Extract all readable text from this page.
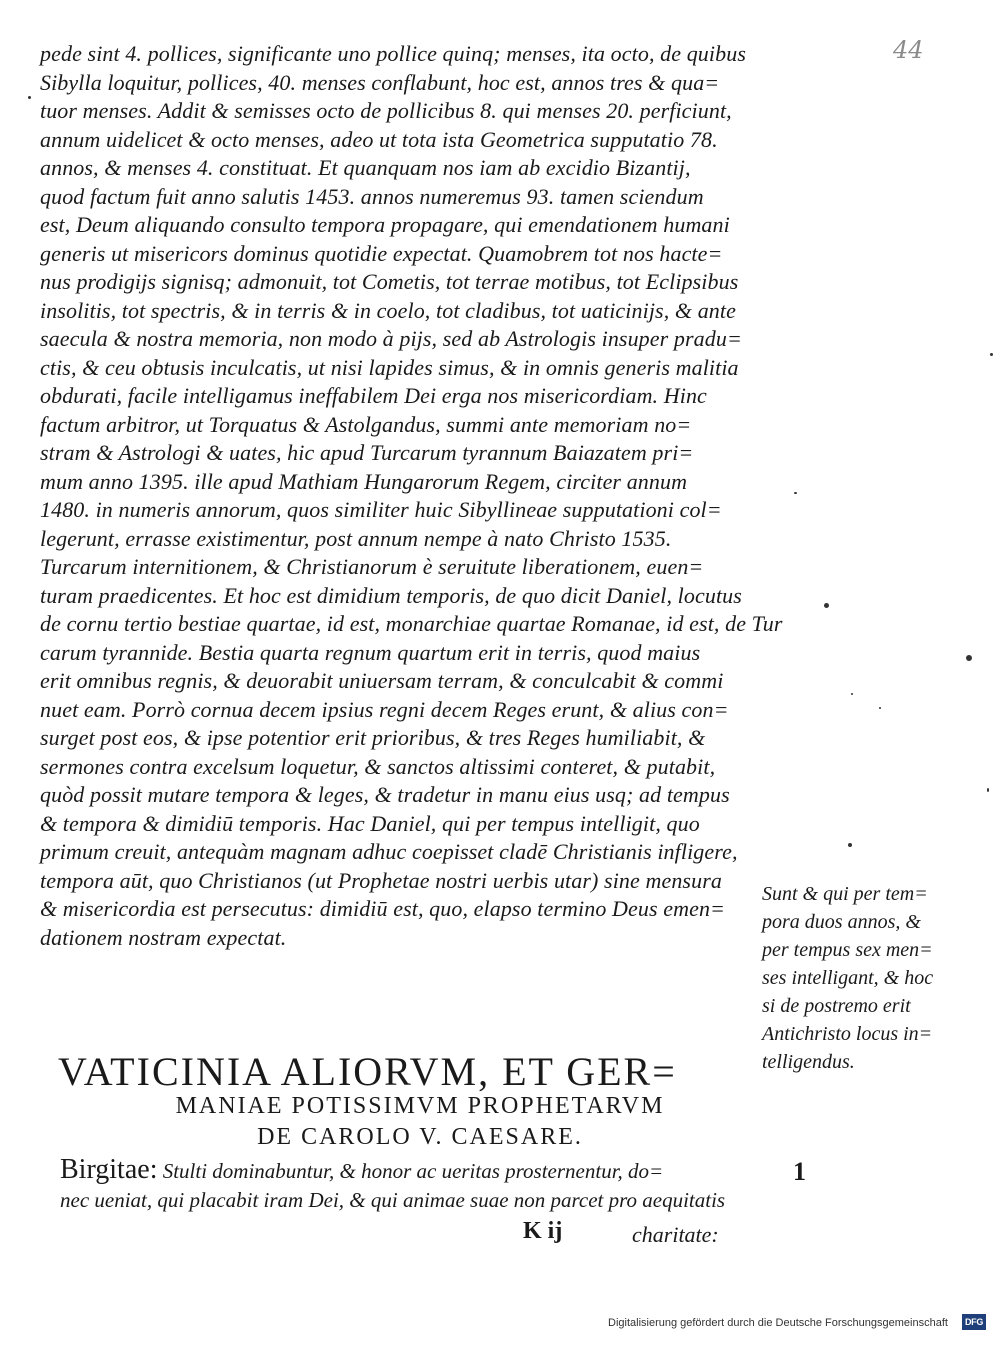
44
pede sint 4. pollices, significante uno pollice quinq; menses, ita octo, de quibus
Sibylla loquitur, pollices, 40. menses conflabunt, hoc est, annos tres & qua=
tuor menses. Addit & semisses octo de pollicibus 8. qui menses 20. perficiunt,
annum uidelicet & octo menses, adeo ut tota ista Geometrica supputatio 78.
annos, & menses 4. constituat. Et quanquam nos iam ab excidio Bizantij,
quod factum fuit anno salutis 1453. annos numeremus 93. tamen sciendum
est, Deum aliquando consulto tempora propagare, qui emendationem humani
generis ut misericors dominus quotidie expectat. Quamobrem tot nos hacte=
nus prodigijs signisq; admonuit, tot Cometis, tot terrae motibus, tot Eclipsibus
insolitis, tot spectris, & in terris & in coelo, tot cladibus, tot uaticinijs, & ante
saecula & nostra memoria, non modo à pijs, sed ab Astrologis insuper pradu=
ctis, & ceu obtusis inculcatis, ut nisi lapides simus, & in omnis generis malitia
obdurati, facile intelligamus ineffabilem Dei erga nos misericordiam. Hinc
factum arbitror, ut Torquatus & Astolgandus, summi ante memoriam no=
stram & Astrologi & uates, hic apud Turcarum tyrannum Baiazatem pri=
mum anno 1395. ille apud Mathiam Hungarorum Regem, circiter annum
1480. in numeris annorum, quos similiter huic Sibyllineae supputationi col=
legerunt, errasse existimentur, post annum nempe à nato Christo 1535.
Turcarum internitionem, & Christianorum è seruitute liberationem, euen=
turam praedicentes. Et hoc est dimidium temporis, de quo dicit Daniel, locutus
de cornu tertio bestiae quartae, id est, monarchiae quartae Romanae, id est, de Tur
carum tyrannide. Bestia quarta regnum quartum erit in terris, quod maius
erit omnibus regnis, & deuorabit uniuersam terram, & conculcabit & commi
nuet eam. Porrò cornua decem ipsius regni decem Reges erunt, & alius con=
surget post eos, & ipse potentior erit prioribus, & tres Reges humiliabit, &
sermones contra excelsum loquetur, & sanctos altissimi conteret, & putabit,
quòd possit mutare tempora & leges, & tradetur in manu eius usq; ad tempus
& tempora & dimidiū temporis. Hac Daniel, qui per tempus intelligit, quo
primum creuit, antequàm magnam adhuc coepisset cladē Christianis infligere,
tempora aūt, quo Christianos (ut Prophetae nostri uerbis utar) sine mensura
& misericordia est persecutus: dimidiū est, quo, elapso termino Deus emen=
dationem nostram expectat.
Sunt & qui per tem=
pora duos annos, &
per tempus sex men=
ses intelligant, & hoc
si de postremo erit
Antichristo locus in=
telligendus.
VATICINIA ALIORVM, ET GER=
MANIAE POTISSIMVM PROPHETARVM
DE CAROLO V. CAESARE.
Birgitae: Stulti dominabuntur, & honor ac ueritas prosternentur, do=
nec ueniat, qui placabit iram Dei, & qui animae suae non parcet pro aequitatis
1
K ij	charitate:
Digitalisierung gefördert durch die Deutsche Forschungsgemeinschaft	DFG
